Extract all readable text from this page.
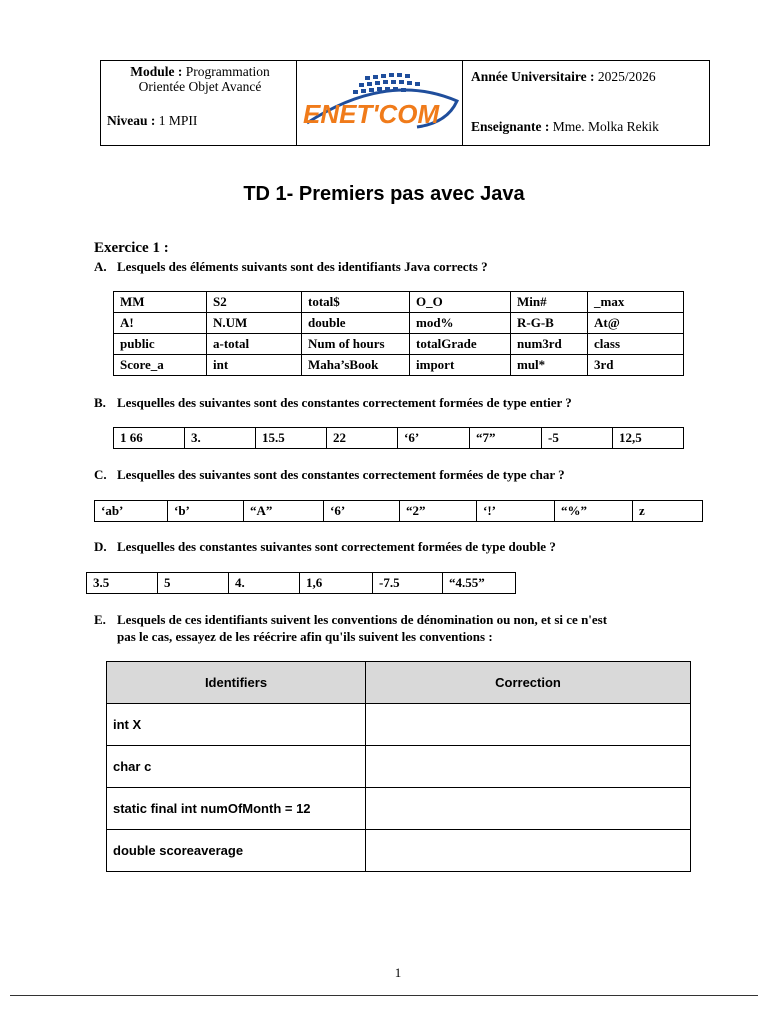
Module : Programmation Orientée Objet Avancé
Niveau : 1 MPII	ENET'COM
Année Universitaire : 2025/2026
Enseignante : Mme. Molka Rekik
TD 1- Premiers pas avec Java
Exercice 1 :
A. Lesquels des éléments suivants sont des identifiants Java corrects ?
MM	S2	total$	O_O	Min#	_max
A!	N.UM	double	mod%	R-G-B	At@
public	a-total	Num of hours	totalGrade	num3rd	class
Score_a	int	Maha’sBook	import	mul*	3rd
B. Lesquelles des suivantes sont des constantes correctement formées de type entier ?
1 66	3.	15.5	22	‘6’	“7”	-5	12,5
C. Lesquelles des suivantes sont des constantes correctement formées de type char ?
‘ab’	‘b’	“A”	‘6’	“2”	‘!’	“%”	z
D. Lesquelles des constantes suivantes sont correctement formées de type double ?
3.5	5	4.	1,6	-7.5	“4.55”
E. Lesquels de ces identifiants suivent les conventions de dénomination ou non, et si ce n'est
pas le cas, essayez de les réécrire afin qu'ils suivent les conventions :
Identifiers	Correction
int X	
char c	
static final int numOfMonth = 12	
double scoreaverage	
1
